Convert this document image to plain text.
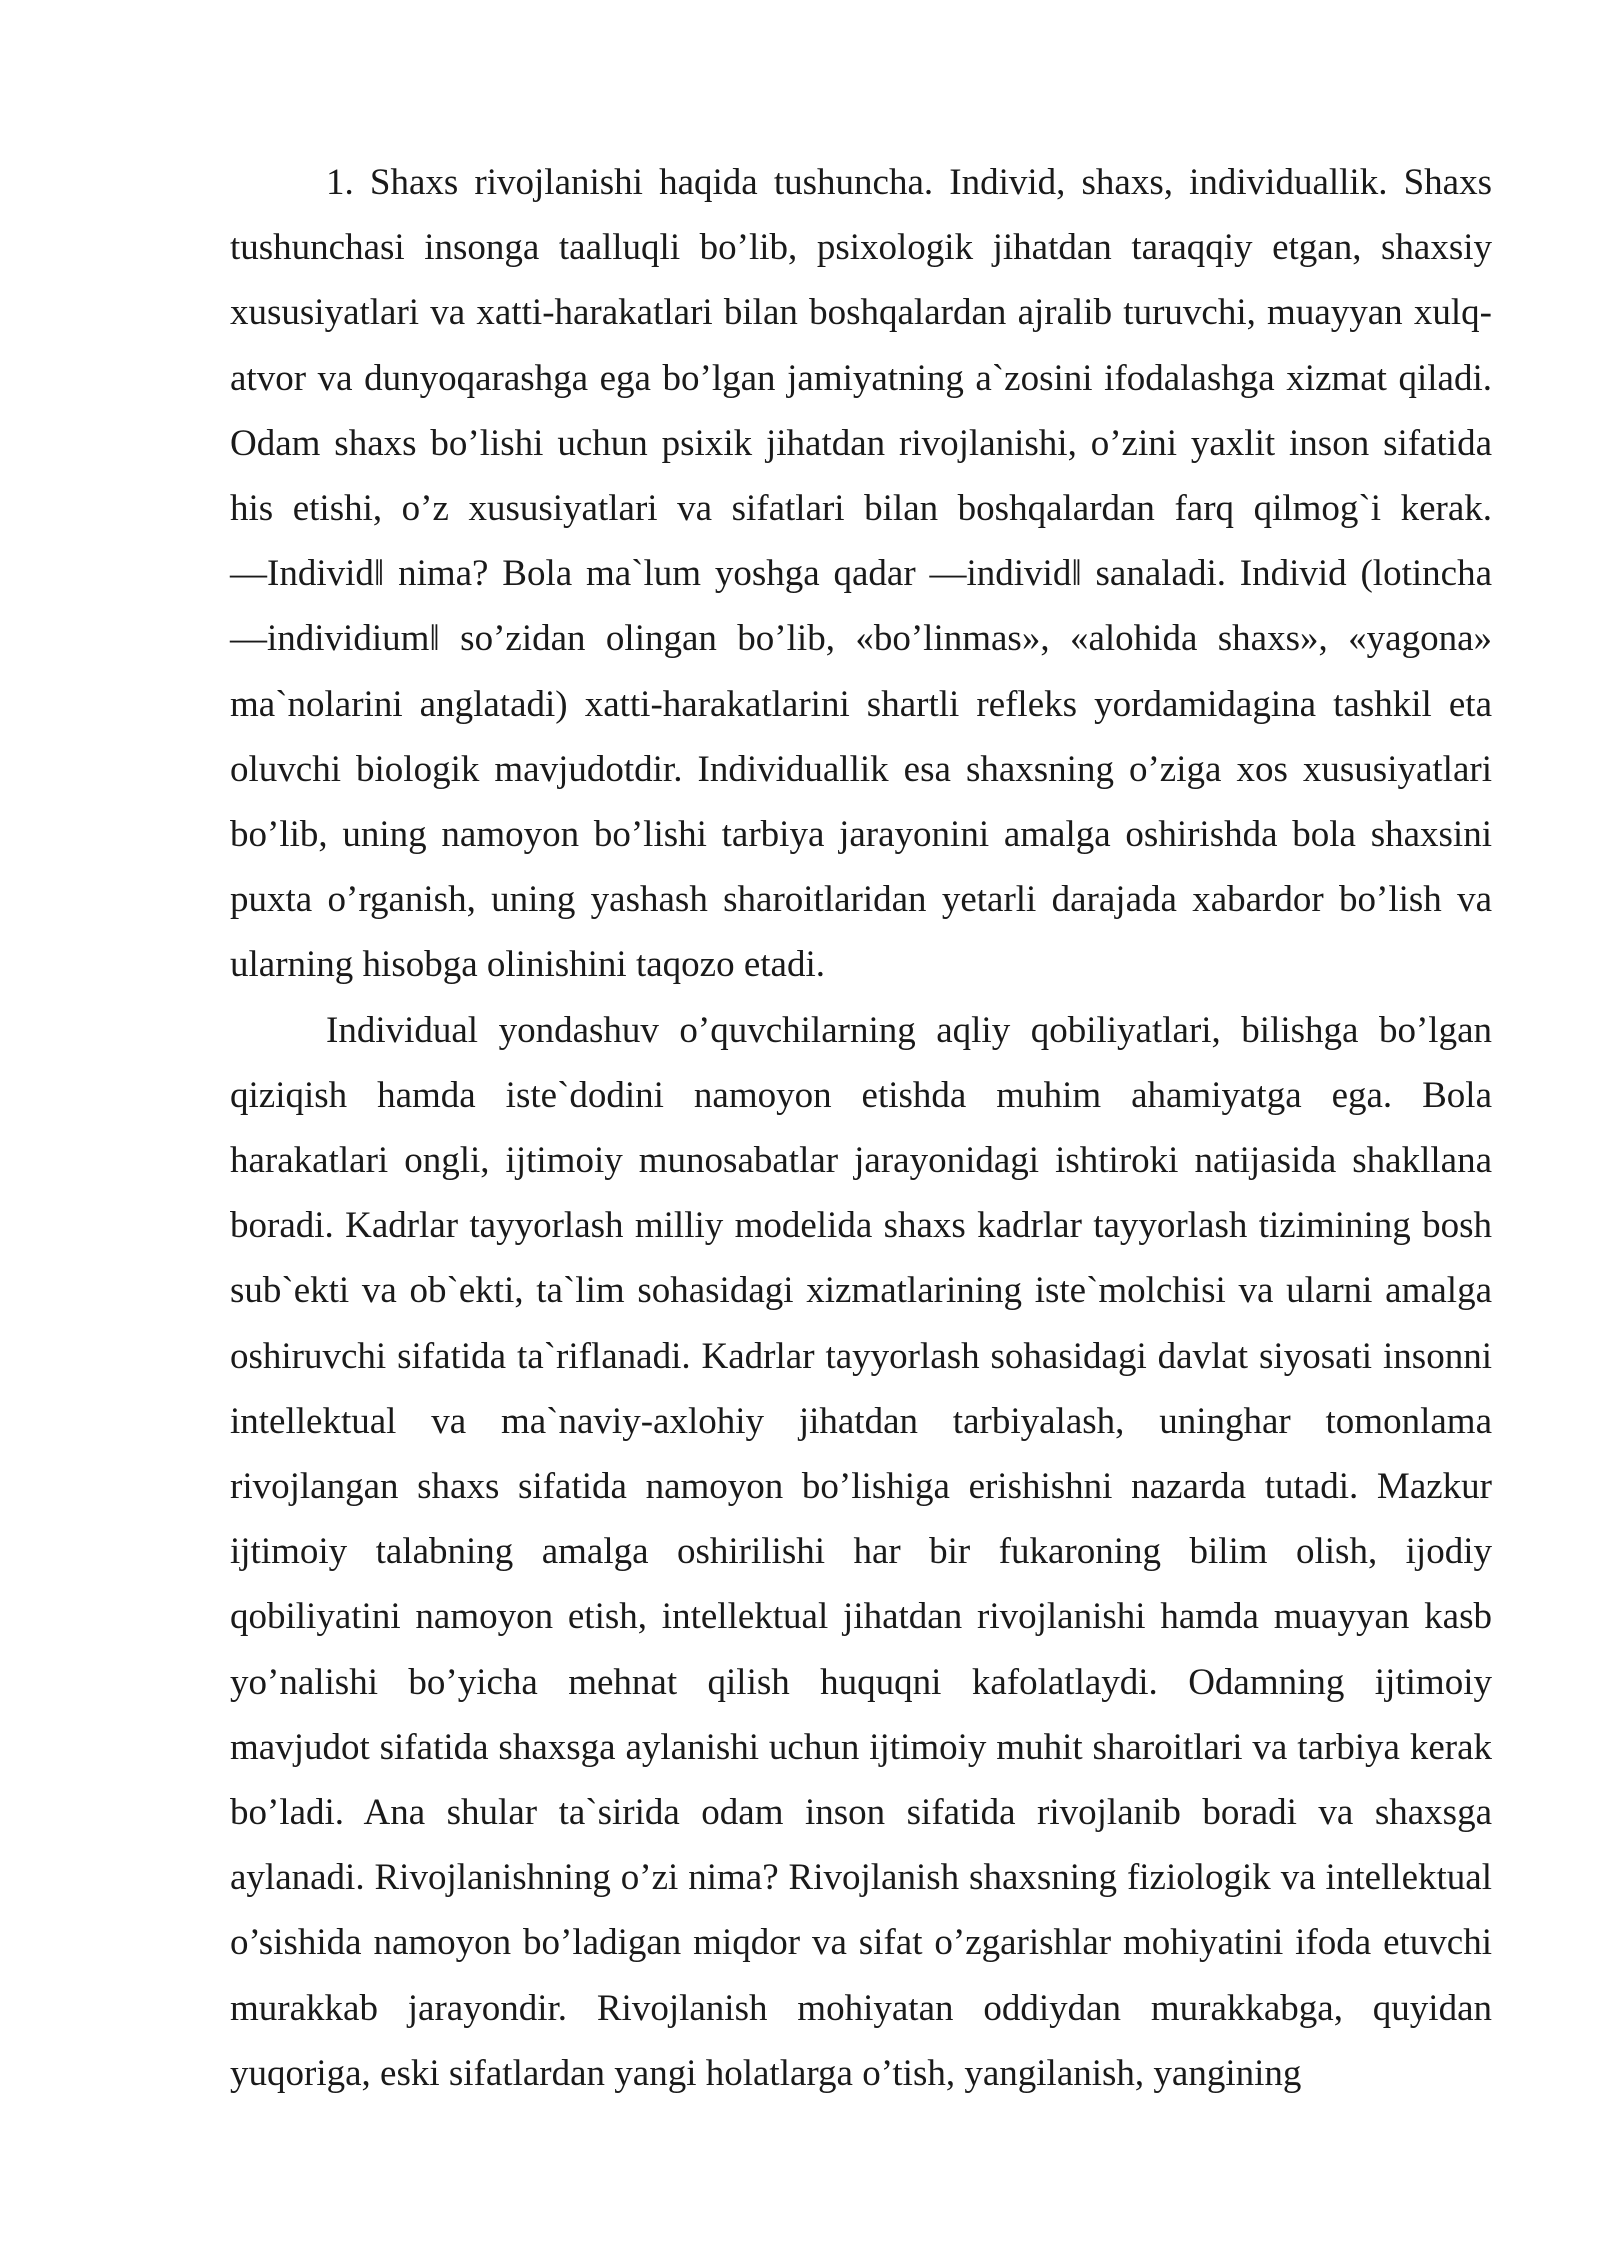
1. Shaxs rivojlanishi haqida tushuncha. Individ, shaxs, individuallik. Shaxs tushunchasi insonga taalluqli bo’lib, psixologik jihatdan taraqqiy etgan, shaxsiy xususiyatlari va xatti-harakatlari bilan boshqalardan ajralib turuvchi, muayyan xulq-atvor va dunyoqarashga ega bo’lgan jamiyatning a`zosini ifodalashga xizmat qiladi. Odam shaxs bo’lishi uchun psixik jihatdan rivojlanishi, o’zini yaxlit inson sifatida his etishi, o’z xususiyatlari va sifatlari bilan boshqalardan farq qilmog`i kerak. ―Individ‖ nima? Bola ma`lum yoshga qadar ―individ‖ sanaladi. Individ (lotincha ―individium‖ so’zidan olingan bo’lib, «bo’linmas», «alohida shaxs», «yagona» ma`nolarini anglatadi) xatti-harakatlarini shartli refleks yordamidagina tashkil eta oluvchi biologik mavjudotdir. Individuallik esa shaxsning o’ziga xos xususiyatlari bo’lib, uning namoyon bo’lishi tarbiya jarayonini amalga oshirishda bola shaxsini puxta o’rganish, uning yashash sharoitlaridan yetarli darajada xabardor bo’lish va ularning hisobga olinishini taqozo etadi.

Individual yondashuv o’quvchilarning aqliy qobiliyatlari, bilishga bo’lgan qiziqish hamda iste`dodini namoyon etishda muhim ahamiyatga ega. Bola harakatlari ongli, ijtimoiy munosabatlar jarayonidagi ishtiroki natijasida shakllana boradi. Kadrlar tayyorlash milliy modelida shaxs kadrlar tayyorlash tizimining bosh sub`ekti va ob`ekti, ta`lim sohasidagi xizmatlarining iste`molchisi va ularni amalga oshiruvchi sifatida ta`riflanadi. Kadrlar tayyorlash sohasidagi davlat siyosati insonni intellektual va ma`naviy-axlohiy jihatdan tarbiyalash, uninghar tomonlama rivojlangan shaxs sifatida namoyon bo’lishiga erishishni nazarda tutadi. Mazkur ijtimoiy talabning amalga oshirilishi har bir fukaroning bilim olish, ijodiy qobiliyatini namoyon etish, intellektual jihatdan rivojlanishi hamda muayyan kasb yo’nalishi bo’yicha mehnat qilish huquqni kafolatlaydi. Odamning ijtimoiy mavjudot sifatida shaxsga aylanishi uchun ijtimoiy muhit sharoitlari va tarbiya kerak bo’ladi. Ana shular ta`sirida odam inson sifatida rivojlanib boradi va shaxsga aylanadi. Rivojlanishning o’zi nima? Rivojlanish shaxsning fiziologik va intellektual o’sishida namoyon bo’ladigan miqdor va sifat o’zgarishlar mohiyatini ifoda etuvchi murakkab jarayondir. Rivojlanish mohiyatan oddiydan murakkabga, quyidan yuqoriga, eski sifatlardan yangi holatlarga o’tish, yangilanish, yangining
